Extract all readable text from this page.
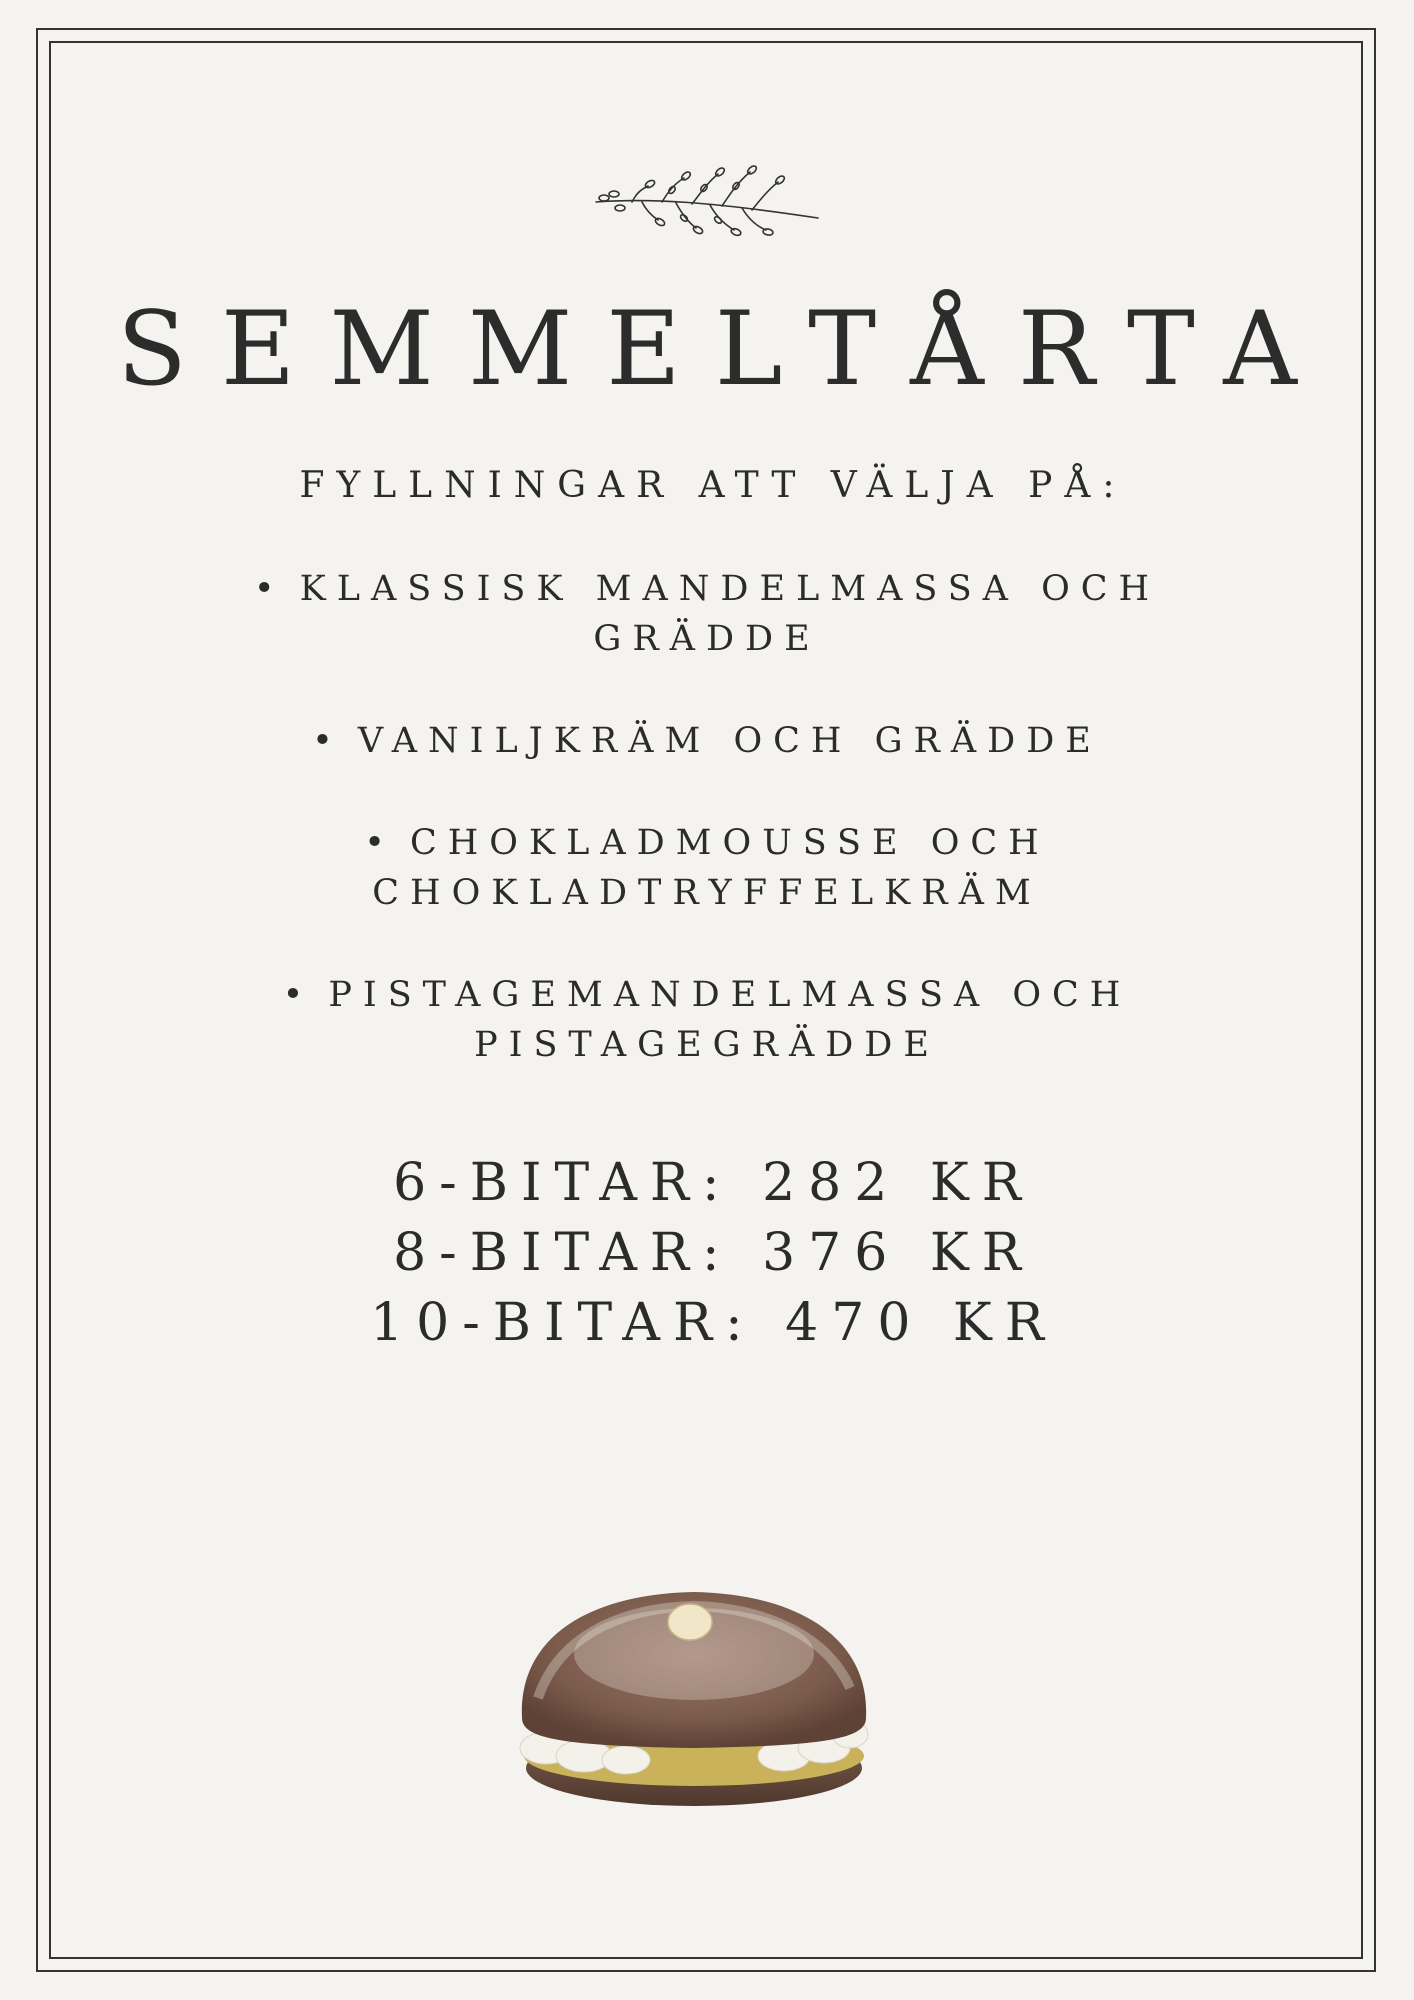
SEMMELTÅRTA
FYLLNINGAR ATT VÄLJA PÅ:
• KLASSISK MANDELMASSA OCH GRÄDDE
• VANILJKRÄM OCH GRÄDDE
• CHOKLADMOUSSE OCH CHOKLADTRYFFELKRÄM
• PISTAGEMANDELMASSA OCH PISTAGEGRÄDDE
6-BITAR: 282 KR
8-BITAR: 376 KR
10-BITAR: 470 KR
